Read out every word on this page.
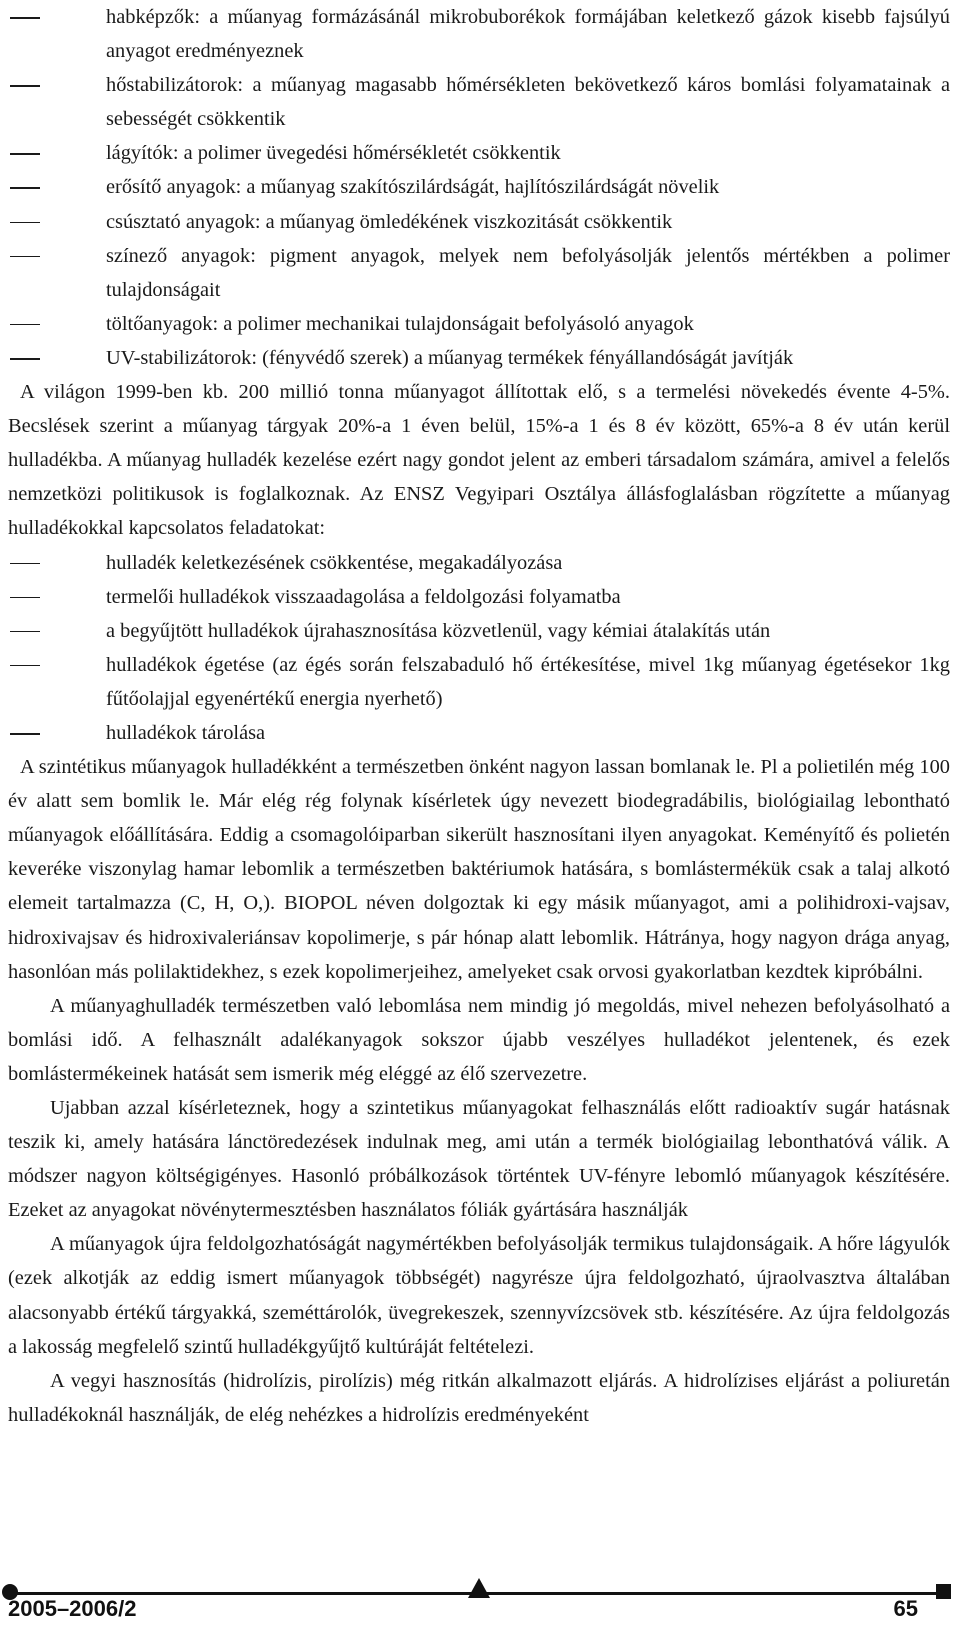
habképzők: a műanyag formázásánál mikrobuborékok formájában keletkező gázok kisebb fajsúlyú anyagot eredményeznek
hőstabilizátorok: a műanyag magasabb hőmérsékleten bekövetkező káros bomlási folyamatainak a sebességét csökkentik
lágyítók: a polimer üvegedési hőmérsékletét csökkentik
erősítő anyagok: a műanyag szakítószilárdságát, hajlítószilárdságát növelik
csúsztató anyagok: a műanyag ömledékének viszkozitását csökkentik
színező anyagok: pigment anyagok, melyek nem befolyásolják jelentős mértékben a polimer tulajdonságait
töltőanyagok: a polimer mechanikai tulajdonságait befolyásoló anyagok
UV-stabilizátorok: (fényvédő szerek) a műanyag termékek fényállandóságát javítják

A világon 1999-ben kb. 200 millió tonna műanyagot állítottak elő, s a termelési növekedés évente 4-5%. Becslések szerint a műanyag tárgyak 20%-a 1 éven belül, 15%-a 1 és 8 év között, 65%-a 8 év után kerül hulladékba. A műanyag hulladék kezelése ezért nagy gondot jelent az emberi társadalom számára, amivel a felelős nemzetközi politikusok is foglalkoznak. Az ENSZ Vegyipari Osztálya állásfoglalásban rögzítette a műanyag hulladékokkal kapcsolatos feladatokat:

hulladék keletkezésének csökkentése, megakadályozása
termelői hulladékok visszaadagolása a feldolgozási folyamatba
a begyűjtött hulladékok újrahasznosítása közvetlenül, vagy kémiai átalakítás után
hulladékok égetése (az égés során felszabaduló hő értékesítése, mivel 1kg műanyag égetésekor 1kg fűtőolajjal egyenértékű energia nyerhető)
hulladékok tárolása

A szintétikus műanyagok hulladékként a természetben önként nagyon lassan bomlanak le. Pl a polietilén még 100 év alatt sem bomlik le. Már elég rég folynak kísérletek úgy nevezett biodegradábilis, biológiailag lebontható műanyagok előállítására. Eddig a csomagolóiparban sikerült hasznosítani ilyen anyagokat. Keményítő és polietén keveréke viszonylag hamar lebomlik a természetben baktériumok hatására, s bomlástermékük csak a talaj alkotó elemeit tartalmazza (C, H, O,). BIOPOL néven dolgoztak ki egy másik műanyagot, ami a polihidroxi-vajsav, hidroxivajsav és hidroxivaleriánsav kopolimerje, s pár hónap alatt lebomlik. Hátránya, hogy nagyon drága anyag, hasonlóan más polilaktidekhez, s ezek kopolimerjeihez, amelyeket csak orvosi gyakorlatban kezdtek kipróbálni.

A műanyaghulladék természetben való lebomlása nem mindig jó megoldás, mivel nehezen befolyásolható a bomlási idő. A felhasznált adalékanyagok sokszor újabb veszélyes hulladékot jelentenek, és ezek bomlástermékeinek hatását sem ismerik még eléggé az élő szervezetre.

Ujabban azzal kísérleteznek, hogy a szintetikus műanyagokat felhasználás előtt radioaktív sugár hatásnak teszik ki, amely hatására lánctöredezések indulnak meg, ami után a termék biológiailag lebonthatóvá válik. A módszer nagyon költségigényes. Hasonló próbálkozások történtek UV-fényre lebomló műanyagok készítésére. Ezeket az anyagokat növénytermesztésben használatos fóliák gyártására használják

A műanyagok újra feldolgozhatóságát nagymértékben befolyásolják termikus tulajdonságaik. A hőre lágyulók (ezek alkotják az eddig ismert műanyagok többségét) nagyrésze újra feldolgozható, újraolvasztva általában alacsonyabb értékű tárgyakká, szeméttárolók, üvegrekeszek, szennyvízcsövek stb. készítésére. Az újra feldolgozás a lakosság megfelelő szintű hulladékgyűjtő kultúráját feltételezi.

A vegyi hasznosítás (hidrolízis, pirolízis) még ritkán alkalmazott eljárás. A hidrolízises eljárást a poliuretán hulladékoknál használják, de elég nehézkes a hidrolízis eredményeként

2005–2006/2	65
